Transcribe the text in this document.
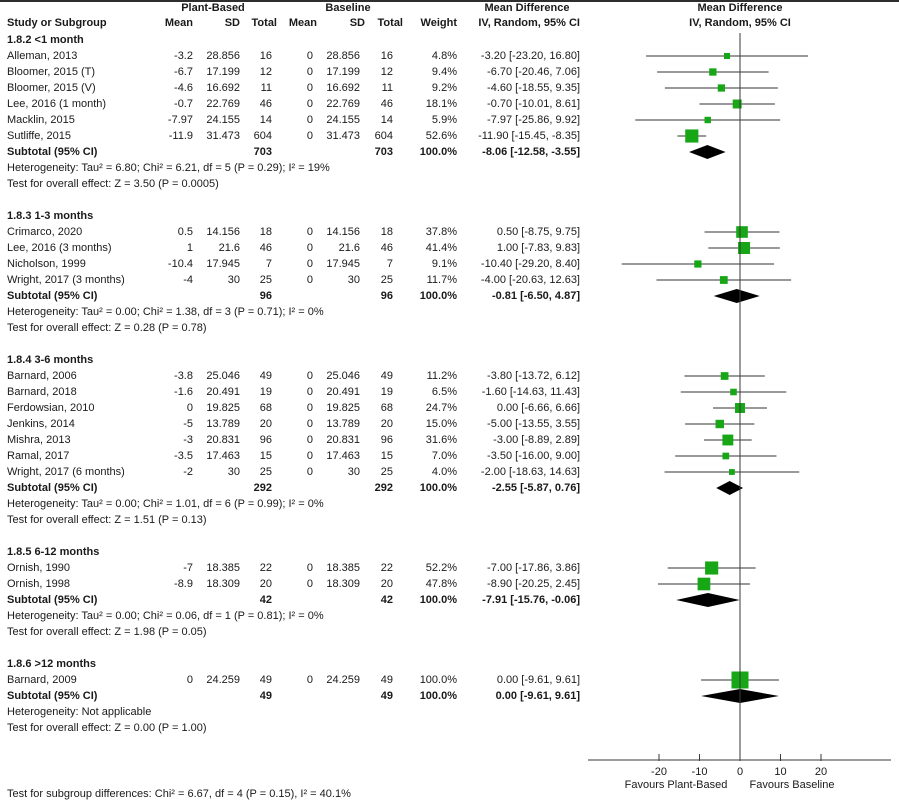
Plant-Based	Baseline	Mean Difference	Mean Difference
Study or Subgroup	Mean	SD	Total	Mean	SD	Total	Weight	IV, Random, 95% CI	IV, Random, 95% CI
1.8.2 <1 month
Alleman, 2013	-3.2	28.856	16	0	28.856	16	4.8%	-3.20 [-23.20, 16.80]
Bloomer, 2015 (T)	-6.7	17.199	12	0	17.199	12	9.4%	-6.70 [-20.46, 7.06]
Bloomer, 2015 (V)	-4.6	16.692	11	0	16.692	11	9.2%	-4.60 [-18.55, 9.35]
Lee, 2016 (1 month)	-0.7	22.769	46	0	22.769	46	18.1%	-0.70 [-10.01, 8.61]
Macklin, 2015	-7.97	24.155	14	0	24.155	14	5.9%	-7.97 [-25.86, 9.92]
Sutliffe, 2015	-11.9	31.473	604	0	31.473	604	52.6%	-11.90 [-15.45, -8.35]
Subtotal (95% CI)	703	703	100.0%	-8.06 [-12.58, -3.55]
Heterogeneity: Tau² = 6.80; Chi² = 6.21, df = 5 (P = 0.29); I² = 19%
Test for overall effect: Z = 3.50 (P = 0.0005)
1.8.3 1-3 months
Crimarco, 2020	0.5	14.156	18	0	14.156	18	37.8%	0.50 [-8.75, 9.75]
Lee, 2016 (3 months)	1	21.6	46	0	21.6	46	41.4%	1.00 [-7.83, 9.83]
Nicholson, 1999	-10.4	17.945	7	0	17.945	7	9.1%	-10.40 [-29.20, 8.40]
Wright, 2017 (3 months)	-4	30	25	0	30	25	11.7%	-4.00 [-20.63, 12.63]
Subtotal (95% CI)	96	96	100.0%	-0.81 [-6.50, 4.87]
Heterogeneity: Tau² = 0.00; Chi² = 1.38, df = 3 (P = 0.71); I² = 0%
Test for overall effect: Z = 0.28 (P = 0.78)
1.8.4 3-6 months
Barnard, 2006	-3.8	25.046	49	0	25.046	49	11.2%	-3.80 [-13.72, 6.12]
Barnard, 2018	-1.6	20.491	19	0	20.491	19	6.5%	-1.60 [-14.63, 11.43]
Ferdowsian, 2010	0	19.825	68	0	19.825	68	24.7%	0.00 [-6.66, 6.66]
Jenkins, 2014	-5	13.789	20	0	13.789	20	15.0%	-5.00 [-13.55, 3.55]
Mishra, 2013	-3	20.831	96	0	20.831	96	31.6%	-3.00 [-8.89, 2.89]
Ramal, 2017	-3.5	17.463	15	0	17.463	15	7.0%	-3.50 [-16.00, 9.00]
Wright, 2017 (6 months)	-2	30	25	0	30	25	4.0%	-2.00 [-18.63, 14.63]
Subtotal (95% CI)	292	292	100.0%	-2.55 [-5.87, 0.76]
Heterogeneity: Tau² = 0.00; Chi² = 1.01, df = 6 (P = 0.99); I² = 0%
Test for overall effect: Z = 1.51 (P = 0.13)
1.8.5 6-12 months
Ornish, 1990	-7	18.385	22	0	18.385	22	52.2%	-7.00 [-17.86, 3.86]
Ornish, 1998	-8.9	18.309	20	0	18.309	20	47.8%	-8.90 [-20.25, 2.45]
Subtotal (95% CI)	42	42	100.0%	-7.91 [-15.76, -0.06]
Heterogeneity: Tau² = 0.00; Chi² = 0.06, df = 1 (P = 0.81); I² = 0%
Test for overall effect: Z = 1.98 (P = 0.05)
1.8.6 >12 months
Barnard, 2009	0	24.259	49	0	24.259	49	100.0%	0.00 [-9.61, 9.61]
Subtotal (95% CI)	49	49	100.0%	0.00 [-9.61, 9.61]
Heterogeneity: Not applicable
Test for overall effect: Z = 0.00 (P = 1.00)
-20 -10	0	10	20
Favours Plant-Based Favours Baseline
Test for subgroup differences: Chi² = 6.67, df = 4 (P = 0.15), I² = 40.1%
